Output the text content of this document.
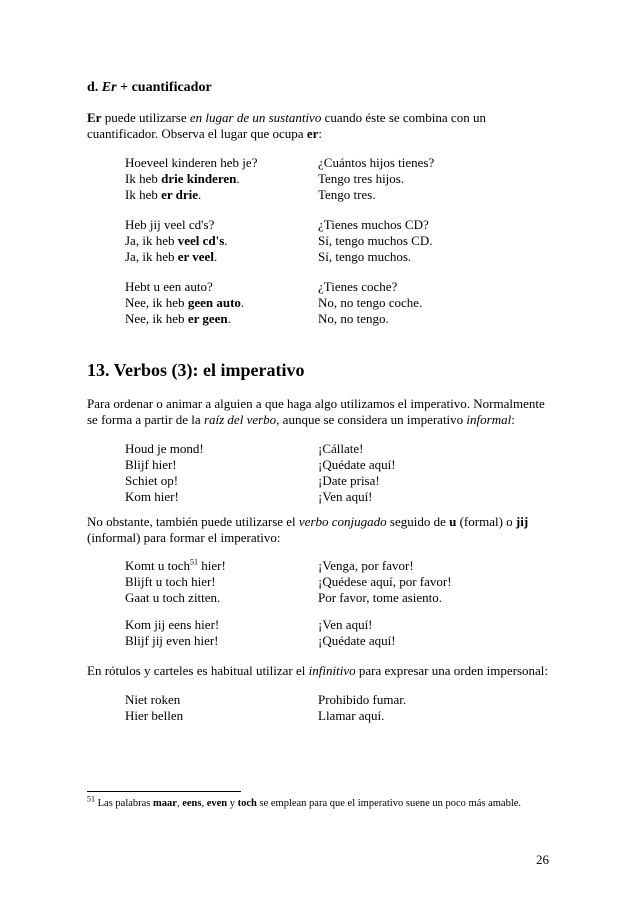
d. Er + cuantificador
Er puede utilizarse en lugar de un sustantivo cuando éste se combina con un cuantificador. Observa el lugar que ocupa er:
Hoeveel kinderen heb je?	¿Cuántos hijos tienes?
Ik heb drie kinderen.	Tengo tres hijos.
Ik heb er drie.	Tengo tres.
Heb jij veel cd's?	¿Tienes muchos CD?
Ja, ik heb veel cd's.	Sí, tengo muchos CD.
Ja, ik heb er veel.	Sí, tengo muchos.
Hebt u een auto?	¿Tienes coche?
Nee, ik heb geen auto.	No, no tengo coche.
Nee, ik heb er geen.	No, no tengo.
13. Verbos (3): el imperativo
Para ordenar o animar a alguien a que haga algo utilizamos el imperativo. Normalmente se forma a partir de la raíz del verbo, aunque se considera un imperativo informal:
Houd je mond!	¡Cállate!
Blijf hier!	¡Quédate aquí!
Schiet op!	¡Date prisa!
Kom hier!	¡Ven aquí!
No obstante, también puede utilizarse el verbo conjugado seguido de u (formal) o jij (informal) para formar el imperativo:
Komt u toch$^{51}$ hier!	¡Venga, por favor!
Blijft u toch hier!	¡Quédese aquí, por favor!
Gaat u toch zitten.	Por favor, tome asiento.
Kom jij eens hier!	¡Ven aquí!
Blijf jij even hier!	¡Quédate aquí!
En rótulos y carteles es habitual utilizar el infinitivo para expresar una orden impersonal:
Niet roken	Prohibido fumar.
Hier bellen	Llamar aquí.
$^{51}$ Las palabras maar, eens, even y toch se emplean para que el imperativo suene un poco más amable.
26
